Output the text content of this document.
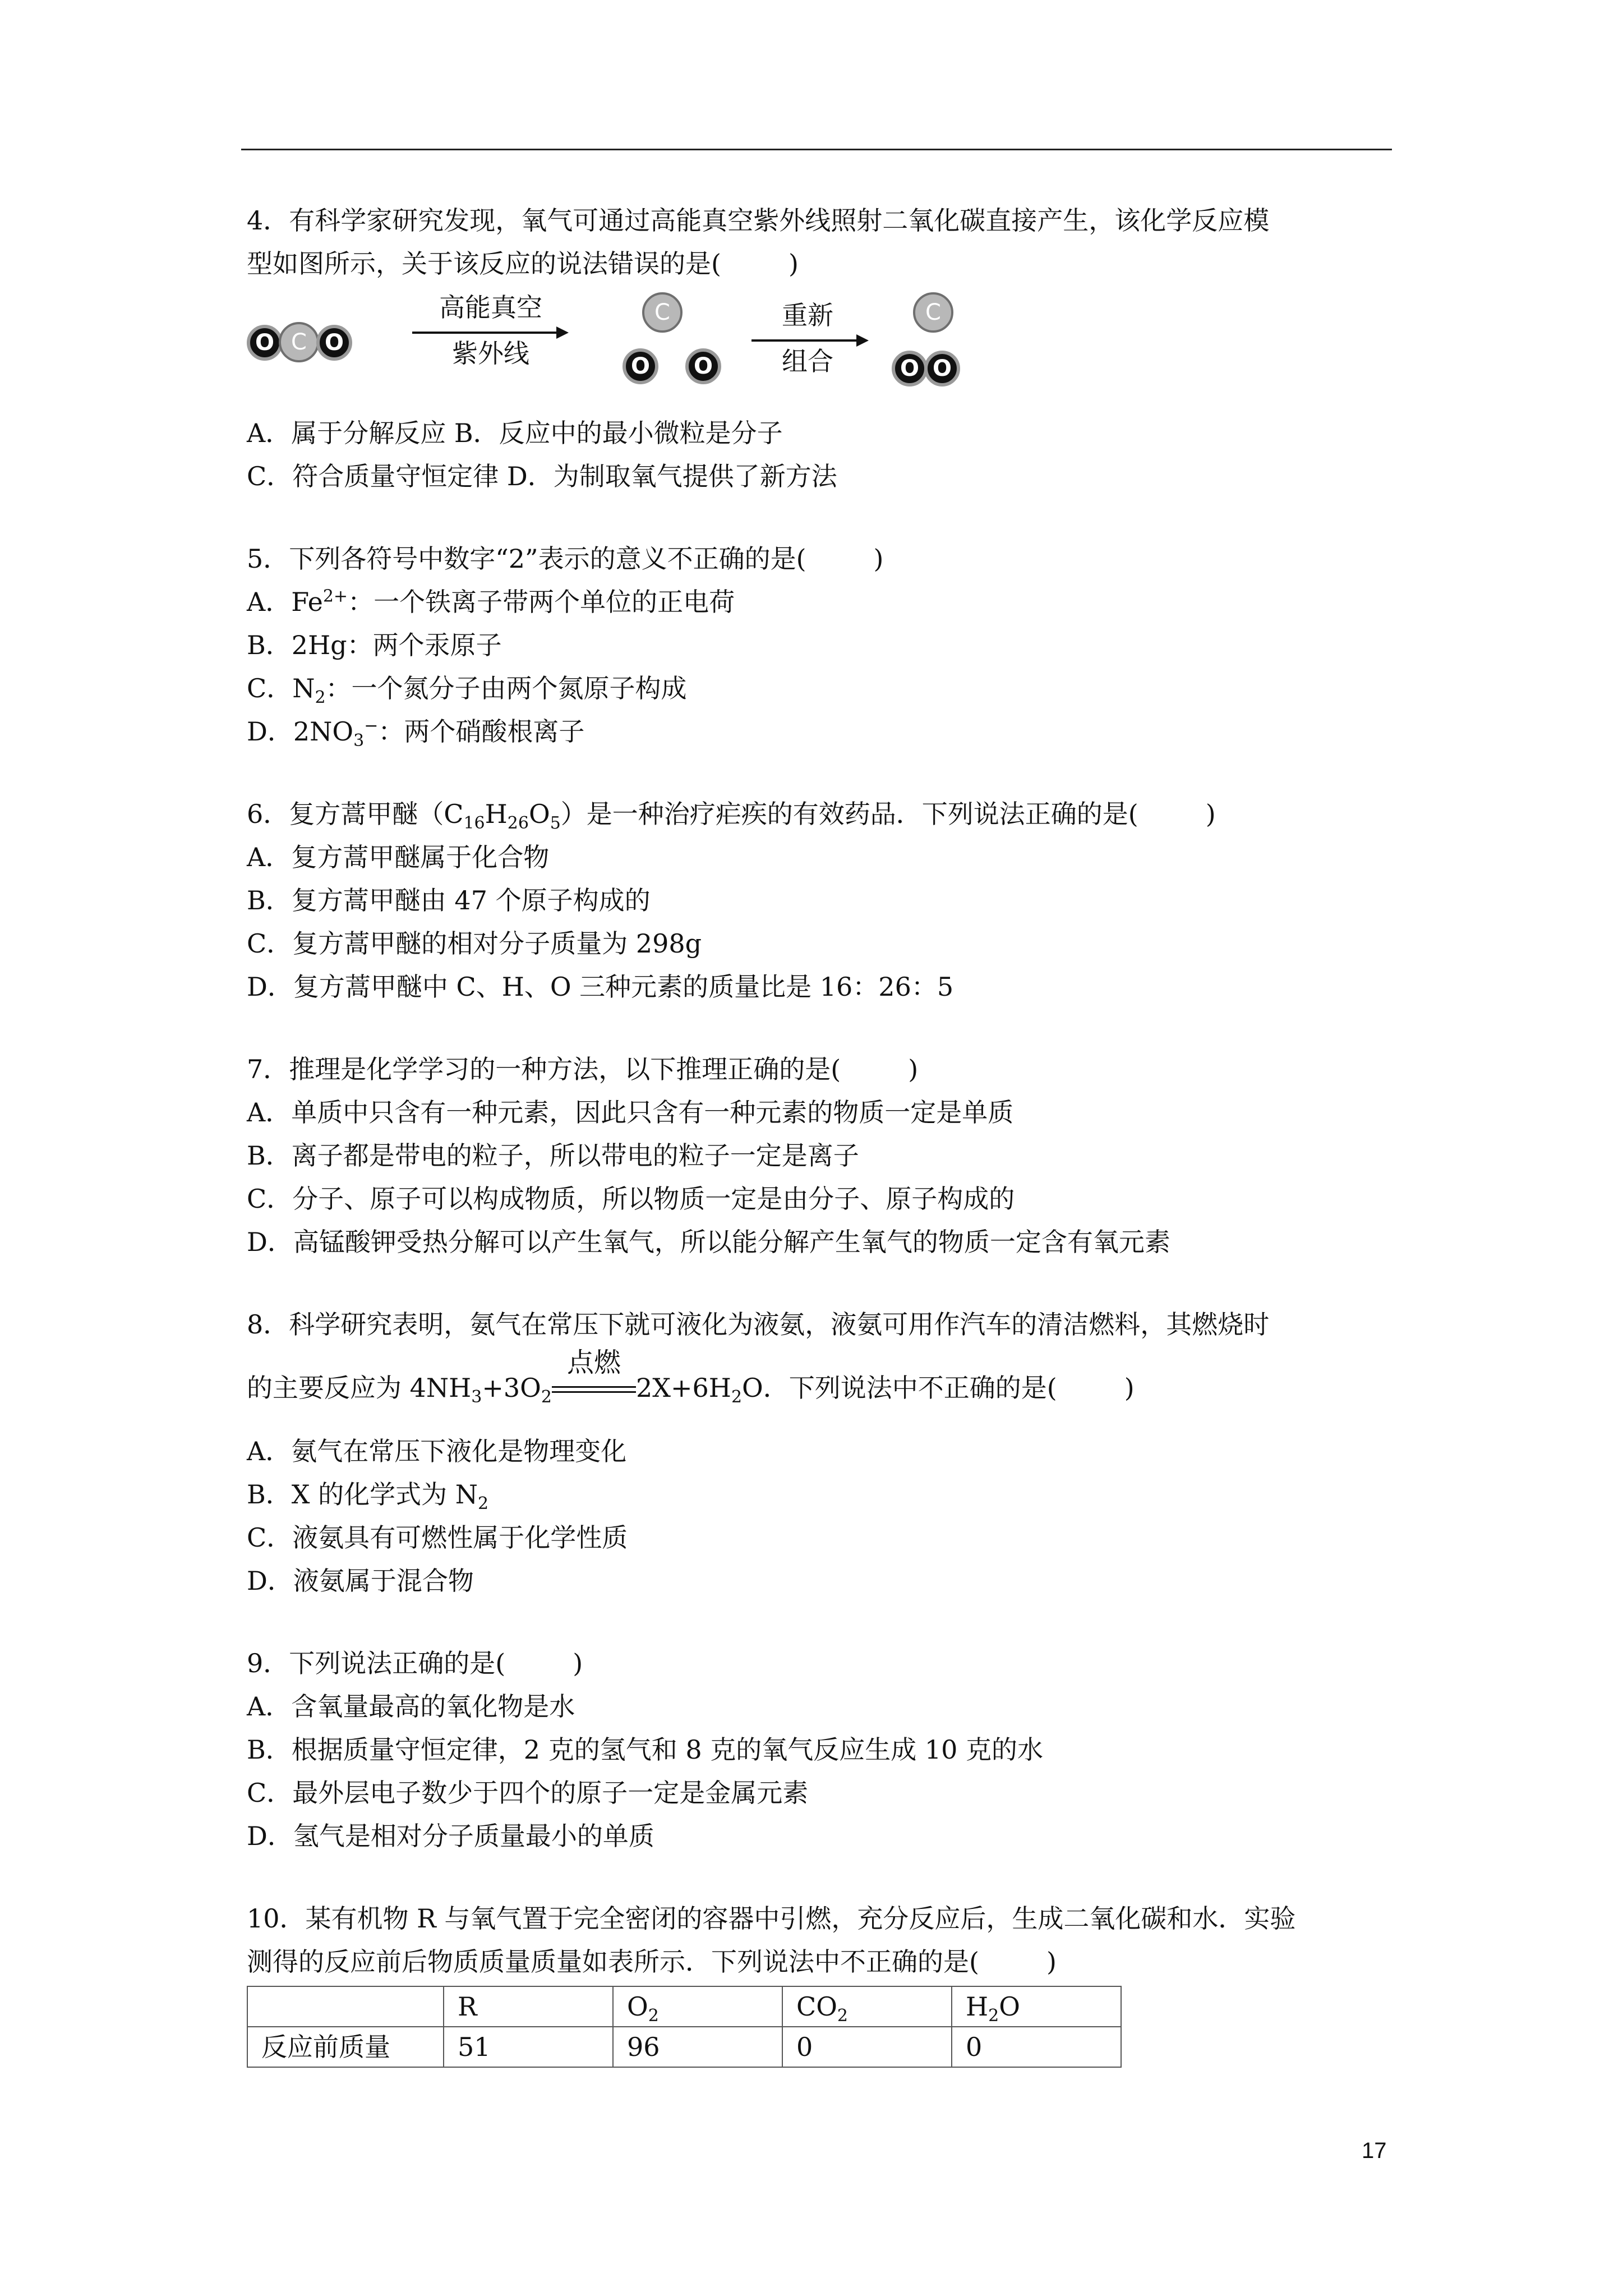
4．有科学家研究发现，氧气可通过高能真空紫外线照射二氧化碳直接产生，该化学反应模
型如图所示，关于该反应的说法错误的是(	)
O C O
高能真空
紫外线
C
O	O
重新
组合
C
O O
A．属于分解反应 B．反应中的最小微粒是分子
C．符合质量守恒定律 D．为制取氧气提供了新方法
5．下列各符号中数字“2”表示的意义不正确的是(	)
A．$Fe^{2+}$：一个铁离子带两个单位的正电荷
B．2Hg：两个汞原子
C．$N_2$：一个氮分子由两个氮原子构成
D．$2NO_3^-$：两个硝酸根离子
6．复方蒿甲醚$(C_{16}H_{26}O_5)$是一种治疗疟疾的有效药品．下列说法正确的是(	)
A．复方蒿甲醚属于化合物
B．复方蒿甲醚由 47 个原子构成的
C．复方蒿甲醚的相对分子质量为 298g
D．复方蒿甲醚中 C、H、O 三种元素的质量比是 16：26：5
7．推理是化学学习的一种方法，以下推理正确的是(	)
A．单质中只含有一种元素，因此只含有一种元素的物质一定是单质
B．离子都是带电的粒子，所以带电的粒子一定是离子
C．分子、原子可以构成物质，所以物质一定是由分子、原子构成的
D．高锰酸钾受热分解可以产生氧气，所以能分解产生氧气的物质一定含有氧元素
8．科学研究表明，氨气在常压下就可液化为液氨，液氨可用作汽车的清洁燃料，其燃烧时
的主要反应为 $4NH_3+3O_2$
点燃
$2X+6H_2O$．下列说法中不正确的是(	)
A．氨气在常压下液化是物理变化
B．X 的化学式为 $N_2$
C．液氨具有可燃性属于化学性质
D．液氨属于混合物
9．下列说法正确的是(	)
A．含氧量最高的氧化物是水
B．根据质量守恒定律，2 克的氢气和 8 克的氧气反应生成 10 克的水
C．最外层电子数少于四个的原子一定是金属元素
D．氢气是相对分子质量最小的单质
10．某有机物 R 与氧气置于完全密闭的容器中引燃，充分反应后，生成二氧化碳和水．实验
测得的反应前后物质质量质量如表所示．下列说法中不正确的是(	)
	R	$O_2$	$CO_2$	$H_2O$
反应前质量	51	96	0	0
17
